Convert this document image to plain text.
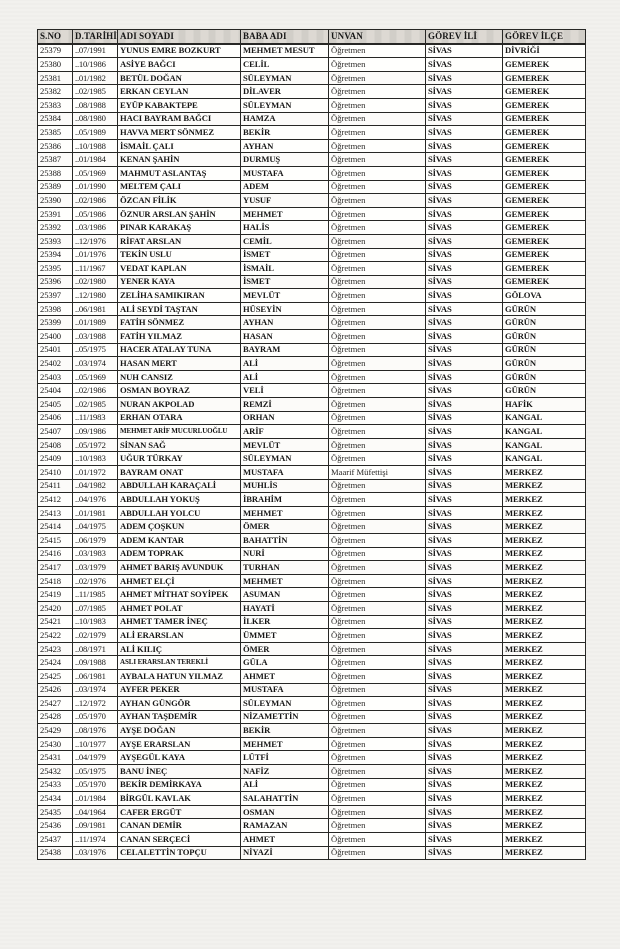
S.NO	D.TARİHİ	ADI SOYADI	BABA ADI	UNVAN	GÖREV İLİ	GÖREV İLÇE
25379	..07/1991	YUNUS EMRE BOZKURT	MEHMET MESUT	Öğretmen	SİVAS	DİVRİĞİ
25380	..10/1986	ASİYE BAĞCI	CELİL	Öğretmen	SİVAS	GEMEREK
25381	..01/1982	BETÜL DOĞAN	SÜLEYMAN	Öğretmen	SİVAS	GEMEREK
25382	..02/1985	ERKAN CEYLAN	DİLAVER	Öğretmen	SİVAS	GEMEREK
25383	..08/1988	EYÜP KABAKTEPE	SÜLEYMAN	Öğretmen	SİVAS	GEMEREK
25384	..08/1980	HACI BAYRAM BAĞCI	HAMZA	Öğretmen	SİVAS	GEMEREK
25385	..05/1989	HAVVA MERT SÖNMEZ	BEKİR	Öğretmen	SİVAS	GEMEREK
25386	..10/1988	İSMAİL ÇALI	AYHAN	Öğretmen	SİVAS	GEMEREK
25387	..01/1984	KENAN ŞAHİN	DURMUŞ	Öğretmen	SİVAS	GEMEREK
25388	..05/1969	MAHMUT ASLANTAŞ	MUSTAFA	Öğretmen	SİVAS	GEMEREK
25389	..01/1990	MELTEM ÇALI	ADEM	Öğretmen	SİVAS	GEMEREK
25390	..02/1986	ÖZCAN FİLİK	YUSUF	Öğretmen	SİVAS	GEMEREK
25391	..05/1986	ÖZNUR ARSLAN ŞAHİN	MEHMET	Öğretmen	SİVAS	GEMEREK
25392	..03/1986	PINAR KARAKAŞ	HALİS	Öğretmen	SİVAS	GEMEREK
25393	..12/1976	RİFAT ARSLAN	CEMİL	Öğretmen	SİVAS	GEMEREK
25394	..01/1976	TEKİN USLU	İSMET	Öğretmen	SİVAS	GEMEREK
25395	..11/1967	VEDAT KAPLAN	İSMAİL	Öğretmen	SİVAS	GEMEREK
25396	..02/1980	YENER KAYA	İSMET	Öğretmen	SİVAS	GEMEREK
25397	..12/1980	ZELİHA SAMIKIRAN	MEVLÜT	Öğretmen	SİVAS	GÖLOVA
25398	..06/1981	ALİ SEYDİ TAŞTAN	HÜSEYİN	Öğretmen	SİVAS	GÜRÜN
25399	..01/1989	FATİH SÖNMEZ	AYHAN	Öğretmen	SİVAS	GÜRÜN
25400	..03/1988	FATİH YILMAZ	HASAN	Öğretmen	SİVAS	GÜRÜN
25401	..05/1975	HACER ATALAY TUNA	BAYRAM	Öğretmen	SİVAS	GÜRÜN
25402	..03/1974	HASAN MERT	ALİ	Öğretmen	SİVAS	GÜRÜN
25403	..05/1969	NUH CANSIZ	ALİ	Öğretmen	SİVAS	GÜRÜN
25404	..02/1986	OSMAN BOYRAZ	VELİ	Öğretmen	SİVAS	GÜRÜN
25405	..02/1985	NURAN AKPOLAD	REMZİ	Öğretmen	SİVAS	HAFİK
25406	..11/1983	ERHAN OTARA	ORHAN	Öğretmen	SİVAS	KANGAL
25407	..09/1986	MEHMET ARİF MUCURLUOĞLU	ARİF	Öğretmen	SİVAS	KANGAL
25408	..05/1972	SİNAN SAĞ	MEVLÜT	Öğretmen	SİVAS	KANGAL
25409	..10/1983	UĞUR TÜRKAY	SÜLEYMAN	Öğretmen	SİVAS	KANGAL
25410	..01/1972	BAYRAM ONAT	MUSTAFA	Maarif Müfettişi	SİVAS	MERKEZ
25411	..04/1982	ABDULLAH KARAÇALİ	MUHLİS	Öğretmen	SİVAS	MERKEZ
25412	..04/1976	ABDULLAH YOKUŞ	İBRAHİM	Öğretmen	SİVAS	MERKEZ
25413	..01/1981	ABDULLAH YOLCU	MEHMET	Öğretmen	SİVAS	MERKEZ
25414	..04/1975	ADEM ÇOŞKUN	ÖMER	Öğretmen	SİVAS	MERKEZ
25415	..06/1979	ADEM KANTAR	BAHATTİN	Öğretmen	SİVAS	MERKEZ
25416	..03/1983	ADEM TOPRAK	NURİ	Öğretmen	SİVAS	MERKEZ
25417	..03/1979	AHMET BARIŞ AVUNDUK	TURHAN	Öğretmen	SİVAS	MERKEZ
25418	..02/1976	AHMET ELÇİ	MEHMET	Öğretmen	SİVAS	MERKEZ
25419	..11/1985	AHMET MİTHAT SOYİPEK	ASUMAN	Öğretmen	SİVAS	MERKEZ
25420	..07/1985	AHMET POLAT	HAYATİ	Öğretmen	SİVAS	MERKEZ
25421	..10/1983	AHMET TAMER İNEÇ	İLKER	Öğretmen	SİVAS	MERKEZ
25422	..02/1979	ALİ ERARSLAN	ÜMMET	Öğretmen	SİVAS	MERKEZ
25423	..08/1971	ALİ KILIÇ	ÖMER	Öğretmen	SİVAS	MERKEZ
25424	..09/1988	ASLI ERARSLAN TEREKLİ	GÜLA	Öğretmen	SİVAS	MERKEZ
25425	..06/1981	AYBALA HATUN YILMAZ	AHMET	Öğretmen	SİVAS	MERKEZ
25426	..03/1974	AYFER PEKER	MUSTAFA	Öğretmen	SİVAS	MERKEZ
25427	..12/1972	AYHAN GÜNGÖR	SÜLEYMAN	Öğretmen	SİVAS	MERKEZ
25428	..05/1970	AYHAN TAŞDEMİR	NİZAMETTİN	Öğretmen	SİVAS	MERKEZ
25429	..08/1976	AYŞE DOĞAN	BEKİR	Öğretmen	SİVAS	MERKEZ
25430	..10/1977	AYŞE ERARSLAN	MEHMET	Öğretmen	SİVAS	MERKEZ
25431	..04/1979	AYŞEGÜL KAYA	LÜTFİ	Öğretmen	SİVAS	MERKEZ
25432	..05/1975	BANU İNEÇ	NAFİZ	Öğretmen	SİVAS	MERKEZ
25433	..05/1970	BEKİR DEMİRKAYA	ALİ	Öğretmen	SİVAS	MERKEZ
25434	..01/1984	BİRGÜL KAVLAK	SALAHATTİN	Öğretmen	SİVAS	MERKEZ
25435	..04/1964	CAFER ERGÜT	OSMAN	Öğretmen	SİVAS	MERKEZ
25436	..09/1981	CANAN DEMİR	RAMAZAN	Öğretmen	SİVAS	MERKEZ
25437	..11/1974	CANAN SERÇECİ	AHMET	Öğretmen	SİVAS	MERKEZ
25438	..03/1976	CELALETTİN TOPÇU	NİYAZİ	Öğretmen	SİVAS	MERKEZ
